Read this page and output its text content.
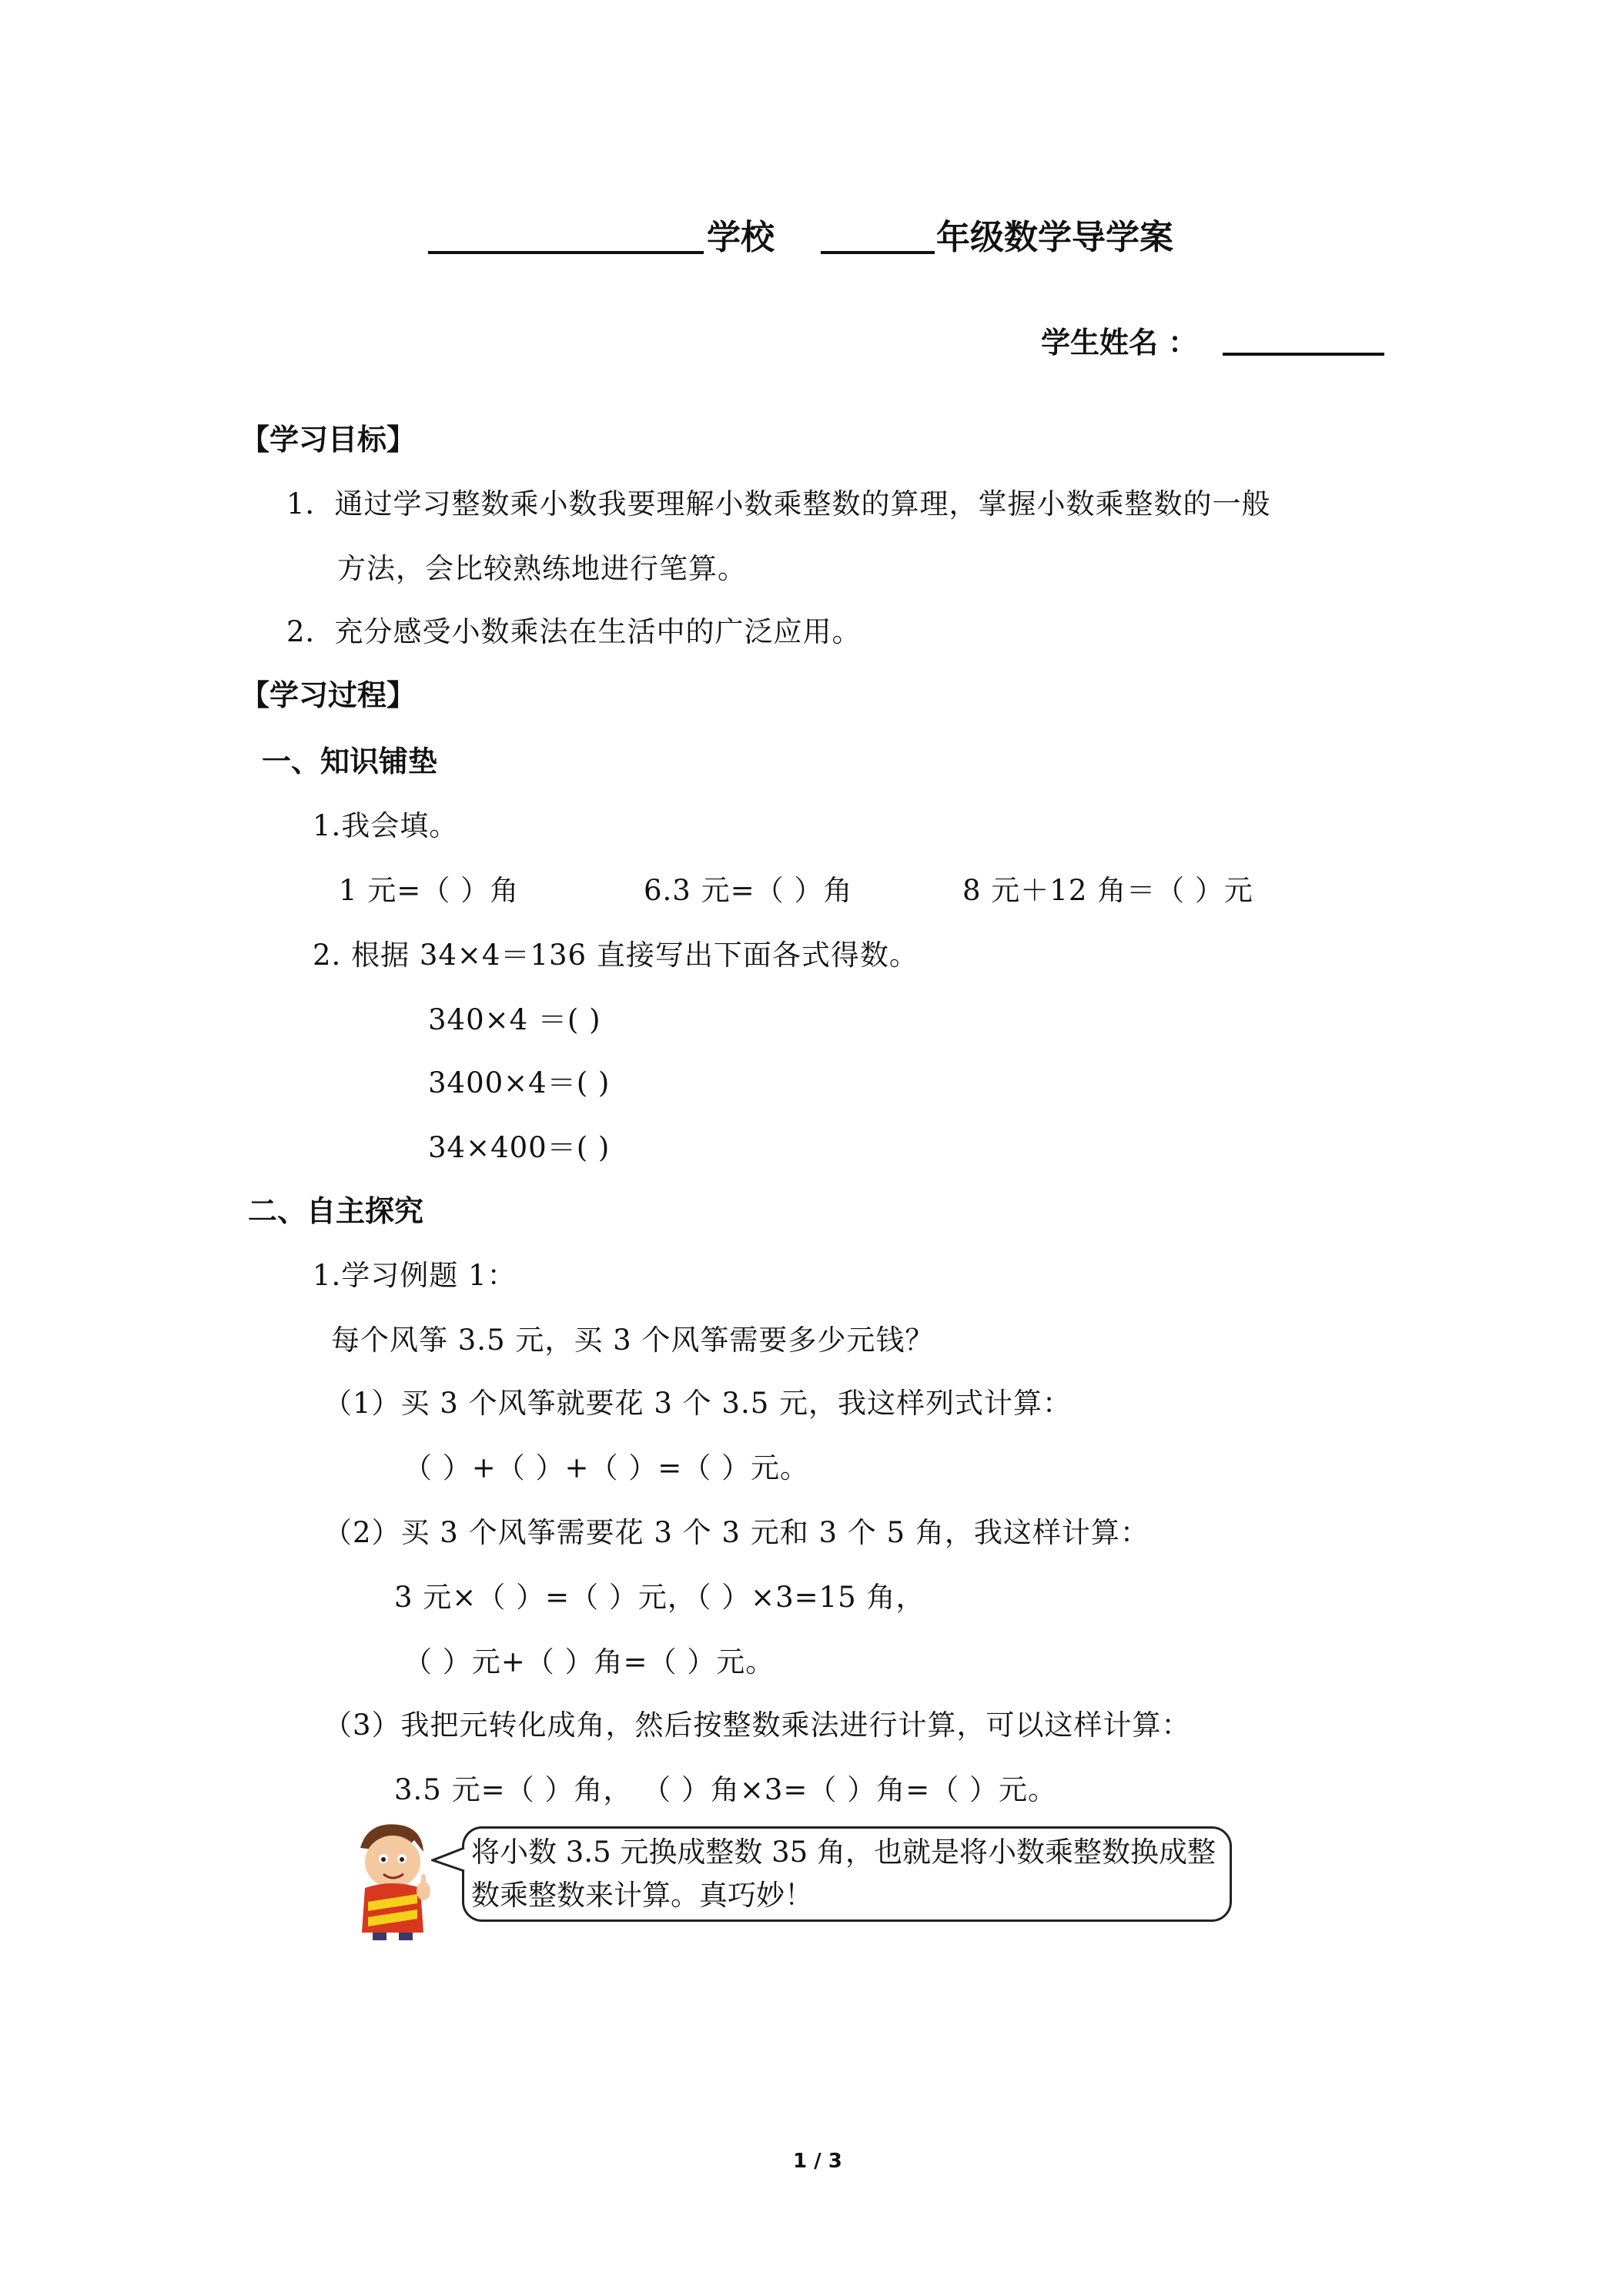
学校	年级数学导学案
学生姓名 ：
【学习目标】
1．通过学习整数乘小数我要理解小数乘整数的算理，掌握小数乘整数的一般
方法，会比较熟练地进行笔算。
2．充分感受小数乘法在生活中的广泛应用。
【学习过程】
一、知识铺垫
1.我会填。
1 元=（ ）角	6.3 元=（ ）角	8 元＋12 角＝（ ）元
2. 根据 34×4＝136 直接写出下面各式得数。
340×4 ＝( )
3400×4＝( )
34×400＝( )
二、自主探究
1.学习例题 1：
每个风筝 3.5 元，买 3 个风筝需要多少元钱？
（1）买 3 个风筝就要花 3 个 3.5 元，我这样列式计算：
（ ）+（ ）+（ ）=（ ）元。
（2）买 3 个风筝需要花 3 个 3 元和 3 个 5 角，我这样计算：
3 元×（ ）=（ ）元，（ ）×3=15 角，
（ ）元+（ ）角=（ ）元。
（3）我把元转化成角，然后按整数乘法进行计算，可以这样计算：
3.5 元=（ ）角， （ ）角×3=（ ）角=（ ）元。
将小数 3.5 元换成整数 35 角，也就是将小数乘整数换成整数乘整数来计算。真巧妙！
1 / 3
